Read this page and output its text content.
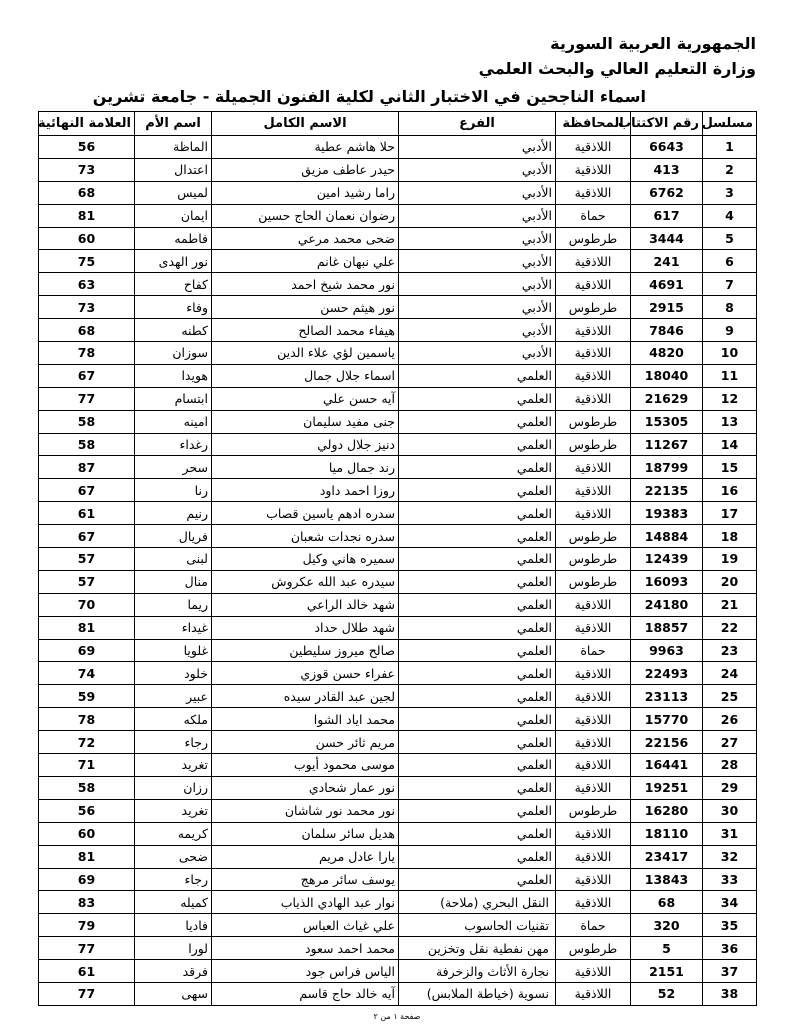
الجمهورية العربية السورية
وزارة التعليم العالي والبحث العلمي
اسماء الناجحين في الاختبار الثاني لكلية الفنون الجميلة - جامعة تشرين
مسلسل	رقم الاكتتاب	المحافظة	الفرع	الاسم الكامل	اسم الأم	العلامة النهائية
1	6643	اللاذقية	الأدبي	حلا هاشم عطية	الماظة	56
2	413	اللاذقية	الأدبي	حيدر عاطف مزيق	اعتدال	73
3	6762	اللاذقية	الأدبي	راما رشيد امين	لميس	68
4	617	حماة	الأدبي	رضوان نعمان الحاج حسين	ايمان	81
5	3444	طرطوس	الأدبي	ضحى محمد مرعي	فاطمه	60
6	241	اللاذقية	الأدبي	علي نبهان غانم	نور الهدى	75
7	4691	اللاذقية	الأدبي	نور محمد شيخ احمد	كفاح	63
8	2915	طرطوس	الأدبي	نور هيثم حسن	وفاء	73
9	7846	اللاذقية	الأدبي	هيفاء محمد الصالح	كطنه	68
10	4820	اللاذقية	الأدبي	ياسمين لؤي علاء الدين	سوزان	78
11	18040	اللاذقية	العلمي	اسماء جلال جمال	هويدا	67
12	21629	اللاذقية	العلمي	آيه حسن علي	ابتسام	77
13	15305	طرطوس	العلمي	جنى مفيد سليمان	امينه	58
14	11267	طرطوس	العلمي	دنيز جلال دولي	رغداء	58
15	18799	اللاذقية	العلمي	رند جمال ميا	سحر	87
16	22135	اللاذقية	العلمي	روزا احمد داود	رنا	67
17	19383	اللاذقية	العلمي	سدره ادهم ياسين قصاب	رنيم	61
18	14884	طرطوس	العلمي	سدره نجدات شعبان	فريال	67
19	12439	طرطوس	العلمي	سميره هاني وكيل	لبنى	57
20	16093	طرطوس	العلمي	سيدره عبد الله عكروش	منال	57
21	24180	اللاذقية	العلمي	شهد خالد الراعي	ريما	70
22	18857	اللاذقية	العلمي	شهد طلال حداد	غيداء	81
23	9963	حماة	العلمي	صالح ميروز سليطين	غلويا	69
24	22493	اللاذقية	العلمي	عفراء حسن قوزي	خلود	74
25	23113	اللاذقية	العلمي	لجين عبد القادر سيده	عبير	59
26	15770	اللاذقية	العلمي	محمد اياد الشوا	ملكه	78
27	22156	اللاذقية	العلمي	مريم ثائر حسن	رجاء	72
28	16441	اللاذقية	العلمي	موسى محمود أيوب	تغريد	71
29	19251	اللاذقية	العلمي	نور عمار شحادي	رزان	58
30	16280	طرطوس	العلمي	نور محمد نور شاشان	تغريد	56
31	18110	اللاذقية	العلمي	هديل سائر سلمان	كريمه	60
32	23417	اللاذقية	العلمي	يارا عادل مريم	ضحى	81
33	13843	اللاذقية	العلمي	يوسف سائر مرهج	رجاء	69
34	68	اللاذقية	النقل البحري (ملاحة)	نوار عبد الهادي الذياب	كميله	83
35	320	حماة	تقنيات الحاسوب	علي غياث العباس	فاديا	79
36	5	طرطوس	مهن نفطية نقل وتخزين	محمد احمد سعود	لورا	77
37	2151	اللاذقية	نجارة الأثاث والزخرفة	الياس فراس جود	فرقد	61
38	52	اللاذقية	نسوية (خياطة الملابس)	آيه خالد حاج قاسم	سهى	77
صفحة ١ من ٢
